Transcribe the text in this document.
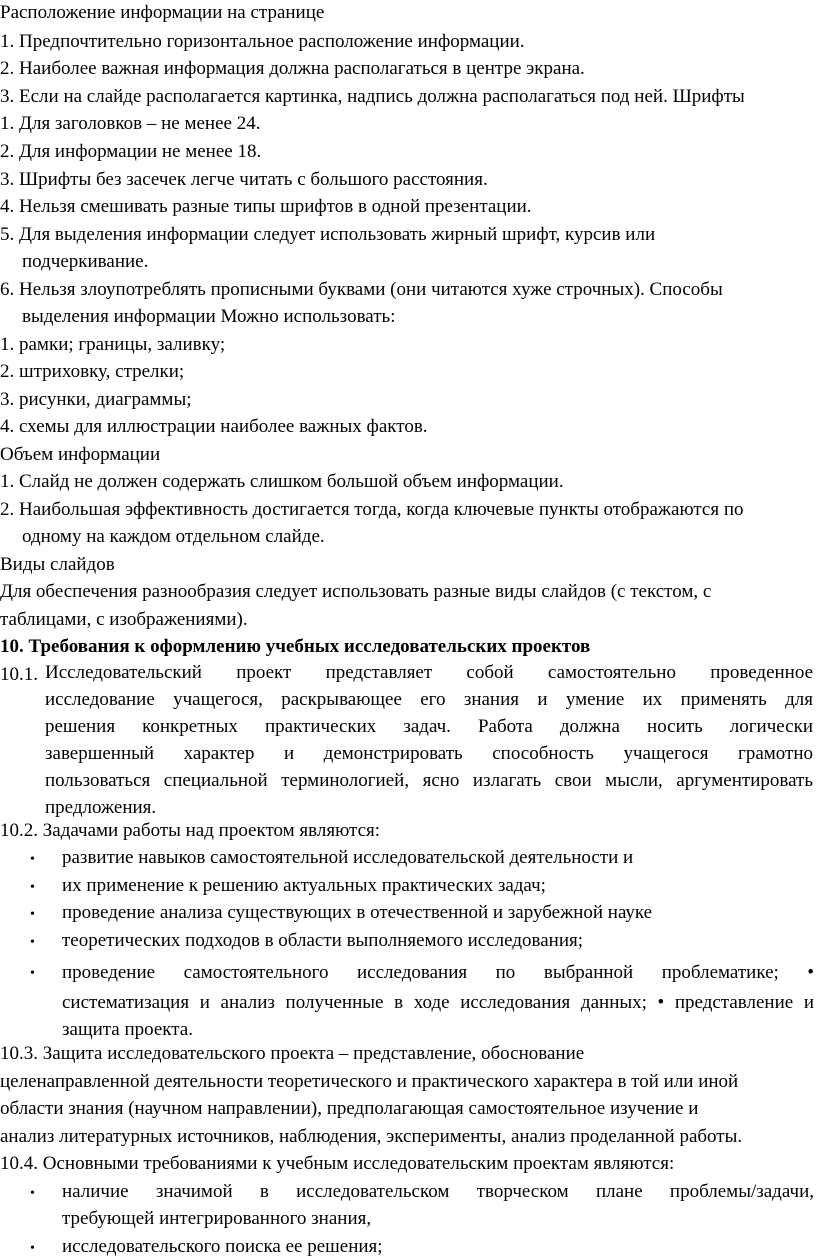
Расположение информации на странице
1. Предпочтительно горизонтальное расположение информации.
2. Наиболее важная информация должна располагаться в центре экрана.
3. Если на слайде располагается картинка, надпись должна располагаться под ней. Шрифты
1. Для заголовков – не менее 24.
2. Для информации не менее 18.
3. Шрифты без засечек легче читать с большого расстояния.
4. Нельзя смешивать разные типы шрифтов в одной презентации.
5. Для выделения информации следует использовать жирный шрифт, курсив или
подчеркивание.
6. Нельзя злоупотреблять прописными буквами (они читаются хуже строчных). Способы
выделения информации Можно использовать:
1. рамки; границы, заливку;
2. штриховку, стрелки;
3. рисунки, диаграммы;
4. схемы для иллюстрации наиболее важных фактов.
Объем информации
1. Слайд не должен содержать слишком большой объем информации.
2. Наибольшая эффективность достигается тогда, когда ключевые пункты отображаются по
одному на каждом отдельном слайде.
Виды слайдов
Для обеспечения разнообразия следует использовать разные виды слайдов (с текстом, с
таблицами, с изображениями).
10. Требования к оформлению учебных исследовательских проектов
10.1. Исследовательский проект представляет собой самостоятельно проведенное
исследование учащегося, раскрывающее его знания и умение их применять для
решения конкретных практических задач. Работа должна носить логически
завершенный характер и демонстрировать способность учащегося грамотно
пользоваться специальной терминологией, ясно излагать свои мысли, аргументировать
предложения.
10.2. Задачами работы над проектом являются:
• развитие навыков самостоятельной исследовательской деятельности и
• их применение к решению актуальных практических задач;
• проведение анализа существующих в отечественной и зарубежной науке
• теоретических подходов в области выполняемого исследования;
• проведение самостоятельного исследования по выбранной проблематике; •
систематизация и анализ полученные в ходе исследования данных; • представление и
защита проекта.
10.3. Защита исследовательского проекта – представление, обоснование
целенаправленной деятельности теоретического и практического характера в той или иной
области знания (научном направлении), предполагающая самостоятельное изучение и
анализ литературных источников, наблюдения, эксперименты, анализ проделанной работы.
10.4. Основными требованиями к учебным исследовательским проектам являются:
• наличие значимой в исследовательском творческом плане проблемы/задачи,
требующей интегрированного знания,
• исследовательского поиска ее решения;
